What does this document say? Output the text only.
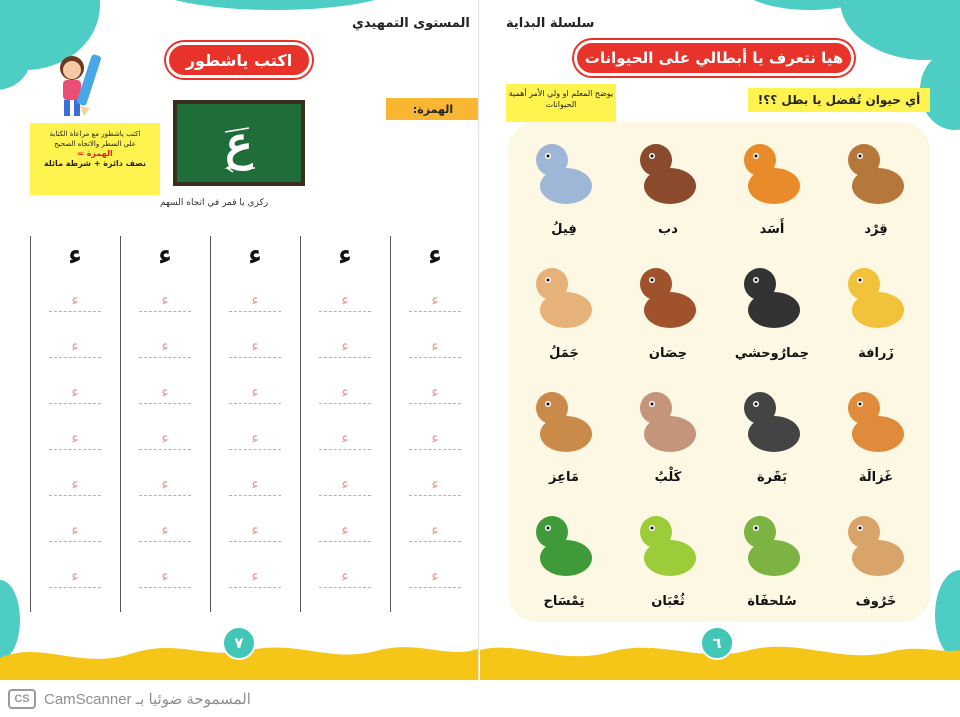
المستوى التمهيدي
اكتب ياشطور
اكتب ياشطور مع مراعاة الكتابة
على السطر والاتجاه الصحيح
الهمزة =
نصف دائرة + شرطة مائلة ع
ركزي يا قمر في اتجاه السهم
الهمزة:
ء
ء
ء
ء
ء
ء
ء
ء
ء
ء
ء
ء
ء
ء
ء
ء
ء
ء
ء
ء
ء
ء
ء
ء
ء
ء
ء
ء
ء
ء
ء
ء
ء
ء
ء
ء
ء
ء
ء
ء
٧
سلسلة البداية
هيا نتعرف يا أبطالي على الحيوانات
أي حيوان تُفضل يا بطل ؟؟!
يوضح المعلم او ولي الأمر أهمية الحيوانات
قِرْد
أَسَد
دب
فِيلُ
زَرافة
حِمارُوحشي
حِصَان
جَمَلُ
غَزالَة
بَقَرة
كَلْبُ
مَاعِز
خَرُوف
سُلحفَاة
ثُعْبَان
تِمْسَاح
٦
CS CamScanner المسموحة ضوئيا بـ
